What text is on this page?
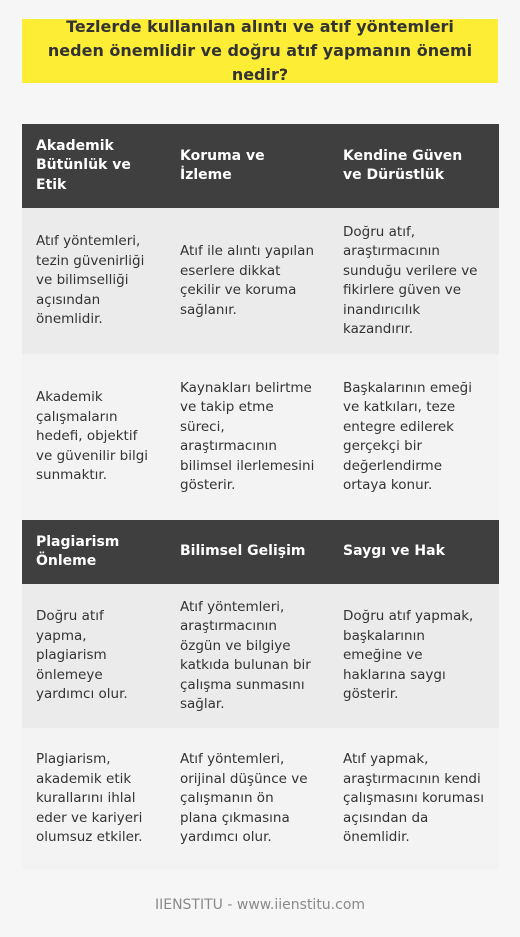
Tezlerde kullanılan alıntı ve atıf yöntemleri neden önemlidir ve doğru atıf yapmanın önemi nedir?
Akademik Bütünlük ve Etik
Koruma ve İzleme
Kendine Güven ve Dürüstlük
Atıf yöntemleri, tezin güvenirliği ve bilimselliği açısından önemlidir.
Atıf ile alıntı yapılan eserlere dikkat çekilir ve koruma sağlanır.
Doğru atıf, araştırmacının sunduğu verilere ve fikirlere güven ve inandırıcılık kazandırır.
Akademik çalışmaların hedefi, objektif ve güvenilir bilgi sunmaktır.
Kaynakları belirtme ve takip etme süreci, araştırmacının bilimsel ilerlemesini gösterir.
Başkalarının emeği ve katkıları, teze entegre edilerek gerçekçi bir değerlendirme ortaya konur.
Plagiarism Önleme
Bilimsel Gelişim	Saygı ve Hak
Doğru atıf yapma, plagiarism önlemeye yardımcı olur.
Atıf yöntemleri, araştırmacının özgün ve bilgiye katkıda bulunan bir çalışma sunmasını sağlar.
Doğru atıf yapmak, başkalarının emeğine ve haklarına saygı gösterir.
Plagiarism, akademik etik kurallarını ihlal eder ve kariyeri olumsuz etkiler.
Atıf yöntemleri, orijinal düşünce ve çalışmanın ön plana çıkmasına yardımcı olur.
Atıf yapmak, araştırmacının kendi çalışmasını koruması açısından da önemlidir.
IIENSTITU - www.iienstitu.com
